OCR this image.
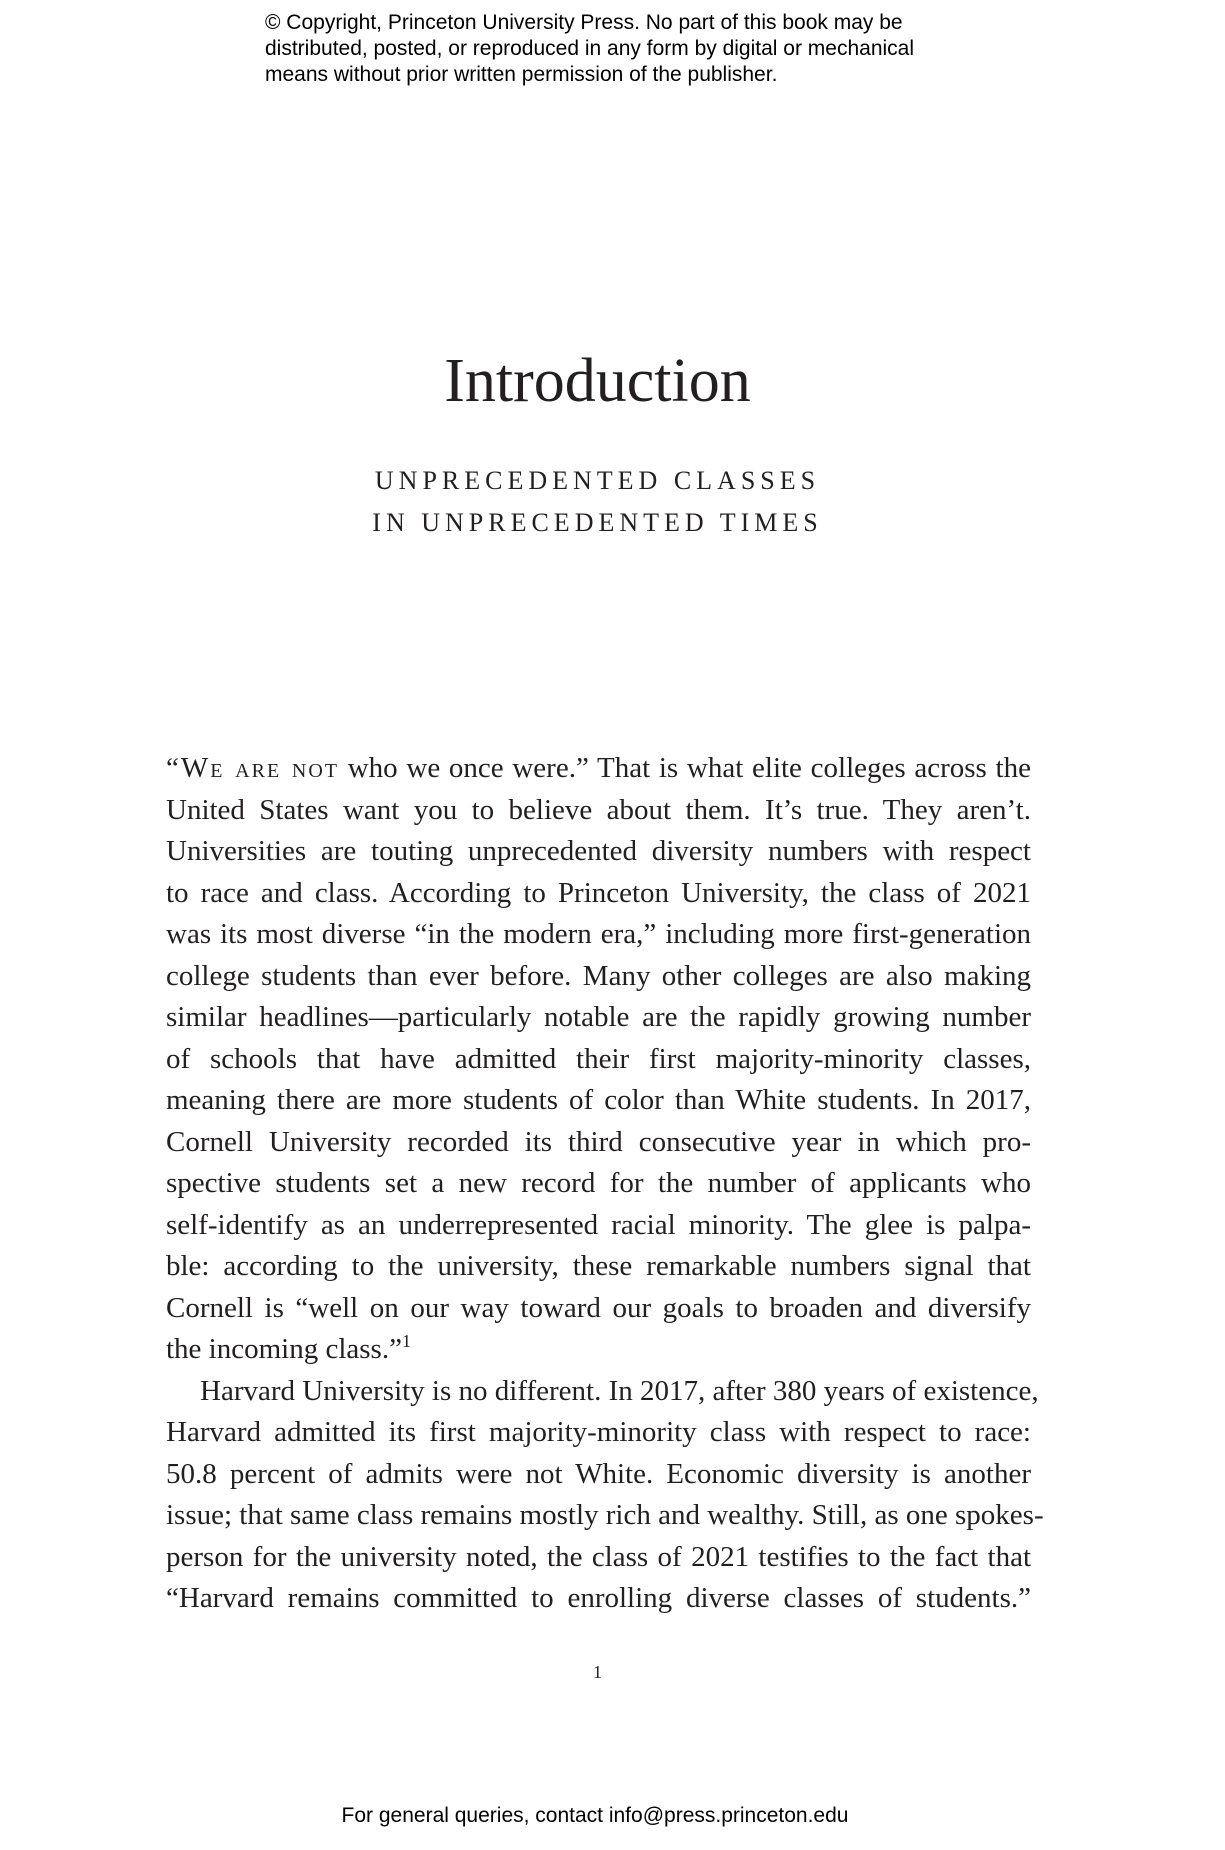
© Copyright, Princeton University Press. No part of this book may be
distributed, posted, or reproduced in any form by digital or mechanical
means without prior written permission of the publisher.
Introduction
UNPRECEDENTED CLASSES
IN UNPRECEDENTED TIMES
“We are not who we once were.” That is what elite colleges across the
United States want you to believe about them. It’s true. They aren’t.
Universities are touting unprecedented diversity numbers with respect
to race and class. According to Princeton University, the class of 2021
was its most diverse “in the modern era,” including more first-generation
college students than ever before. Many other colleges are also making
similar headlines—particularly notable are the rapidly growing number
of schools that have admitted their first majority-minority classes,
meaning there are more students of color than White students. In 2017,
Cornell University recorded its third consecutive year in which pro-
spective students set a new record for the number of applicants who
self-identify as an underrepresented racial minority. The glee is palpa-
ble: according to the university, these remarkable numbers signal that
Cornell is “well on our way toward our goals to broaden and diversify
the incoming class.”$^1$
Harvard University is no different. In 2017, after 380 years of existence,
Harvard admitted its first majority-minority class with respect to race:
50.8 percent of admits were not White. Economic diversity is another
issue; that same class remains mostly rich and wealthy. Still, as one spokes-
person for the university noted, the class of 2021 testifies to the fact that
“Harvard remains committed to enrolling diverse classes of students.”
1
For general queries, contact info@press.princeton.edu
